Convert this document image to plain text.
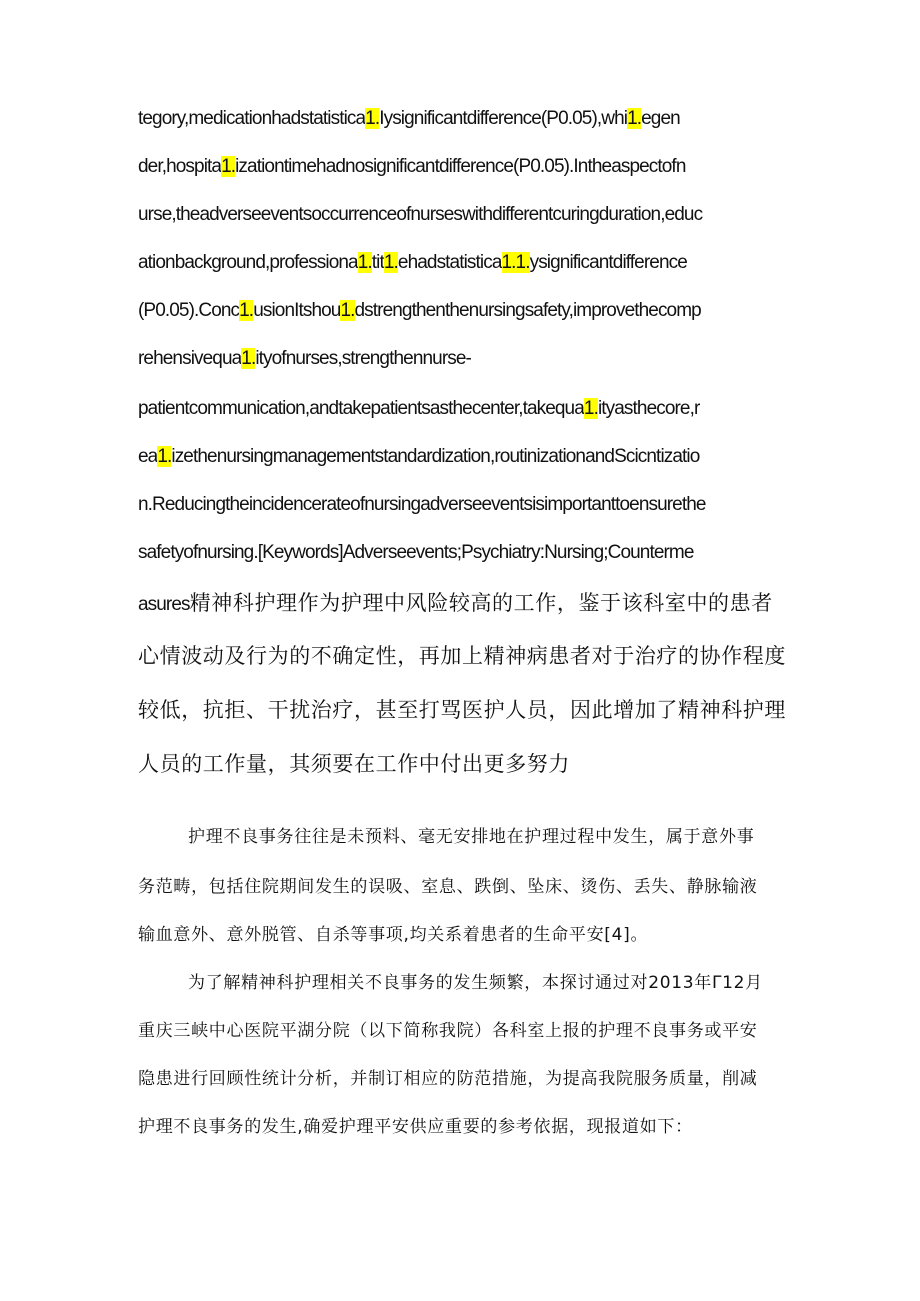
tegory,medicationhadstatistica1.Iysignificantdifference(P0.05),whi1.egen
der,hospita1.izationtimehadnosignificantdifference(P0.05).Intheaspectofn
urse,theadverseeventsoccurrenceofnurseswithdifferentcuringduration,educ
ationbackground,professiona1.tit1.ehadstatistica1.1.ysignificantdifference
(P0.05).Conc1.usionItshou1.dstrengthenthenursingsafety,improvethecomp
rehensivequa1.ityofnurses,strengthennurse-
patientcommunication,andtakepatientsasthecenter,takequa1.ityasthecore,r
ea1.izethenursingmanagementstandardization,routinizationandScicntizatio
n.Reducingtheincidencerateofnursingadverseeventsisimportanttoensurethe
safetyofnursing.[Keywords]Adverseevents;Psychiatry:Nursing;Counterme
asures精神科护理作为护理中风险较高的工作，鉴于该科室中的患者
心情波动及行为的不确定性，再加上精神病患者对于治疗的协作程度
较低，抗拒、干扰治疗，甚至打骂医护人员，因此增加了精神科护理
人员的工作量，其须要在工作中付出更多努力
护理不良事务往往是未预料、毫无安排地在护理过程中发生，属于意外事
务范畴，包括住院期间发生的误吸、室息、跌倒、坠床、烫伤、丢失、静脉输液
输血意外、意外脱管、自杀等事项,均关系着患者的生命平安[4]。
为了解精神科护理相关不良事务的发生频繁，本探讨通过对2013年Γ12月
重庆三峡中心医院平湖分院（以下简称我院）各科室上报的护理不良事务或平安
隐患进行回顾性统计分析，并制订相应的防范措施，为提高我院服务质量，削减
护理不良事务的发生,确爱护理平安供应重要的参考依据，现报道如下：
